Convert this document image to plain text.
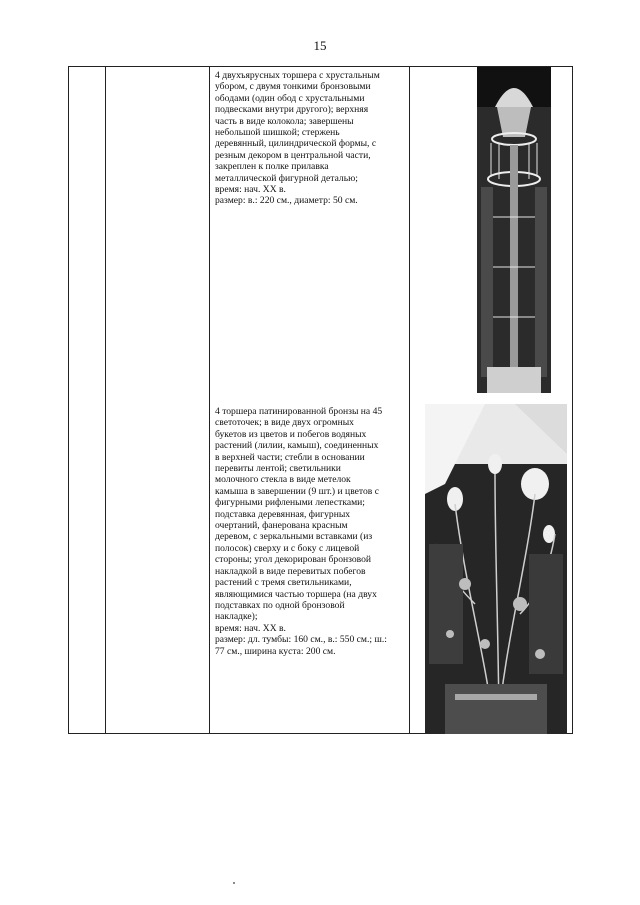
15
4 двухъярусных торшера с хрустальным
убором, с двумя тонкими бронзовыми
ободами (один обод с хрустальными
подвесками внутри другого); верхняя
часть в виде колокола; завершены
небольшой шишкой; стержень
деревянный, цилиндрической формы, с
резным декором в центральной части,
закреплен к полке прилавка
металлической фигурной деталью;
время: нач. XX в.
размер: в.: 220 см., диаметр: 50 см.
4 торшера патинированной бронзы на 45
светоточек; в виде двух огромных
букетов из цветов и побегов водяных
растений (лилии, камыш), соединенных
в верхней части; стебли в основании
перевиты лентой; светильники
молочного стекла в виде метелок
камыша в завершении (9 шт.) и цветов с
фигурными рифлеными лепестками;
подставка деревянная, фигурных
очертаний, фанерована красным
деревом, с зеркальными вставками (из
полосок) сверху и с боку с лицевой
стороны; угол декорирован бронзовой
накладкой в виде перевитых побегов
растений с тремя светильниками,
являющимися частью торшера (на двух
подставках по одной бронзовой
накладке);
время: нач. XX в.
размер: дл. тумбы: 160 см., в.: 550 см.; ш.:
77 см., ширина куста: 200 см.
